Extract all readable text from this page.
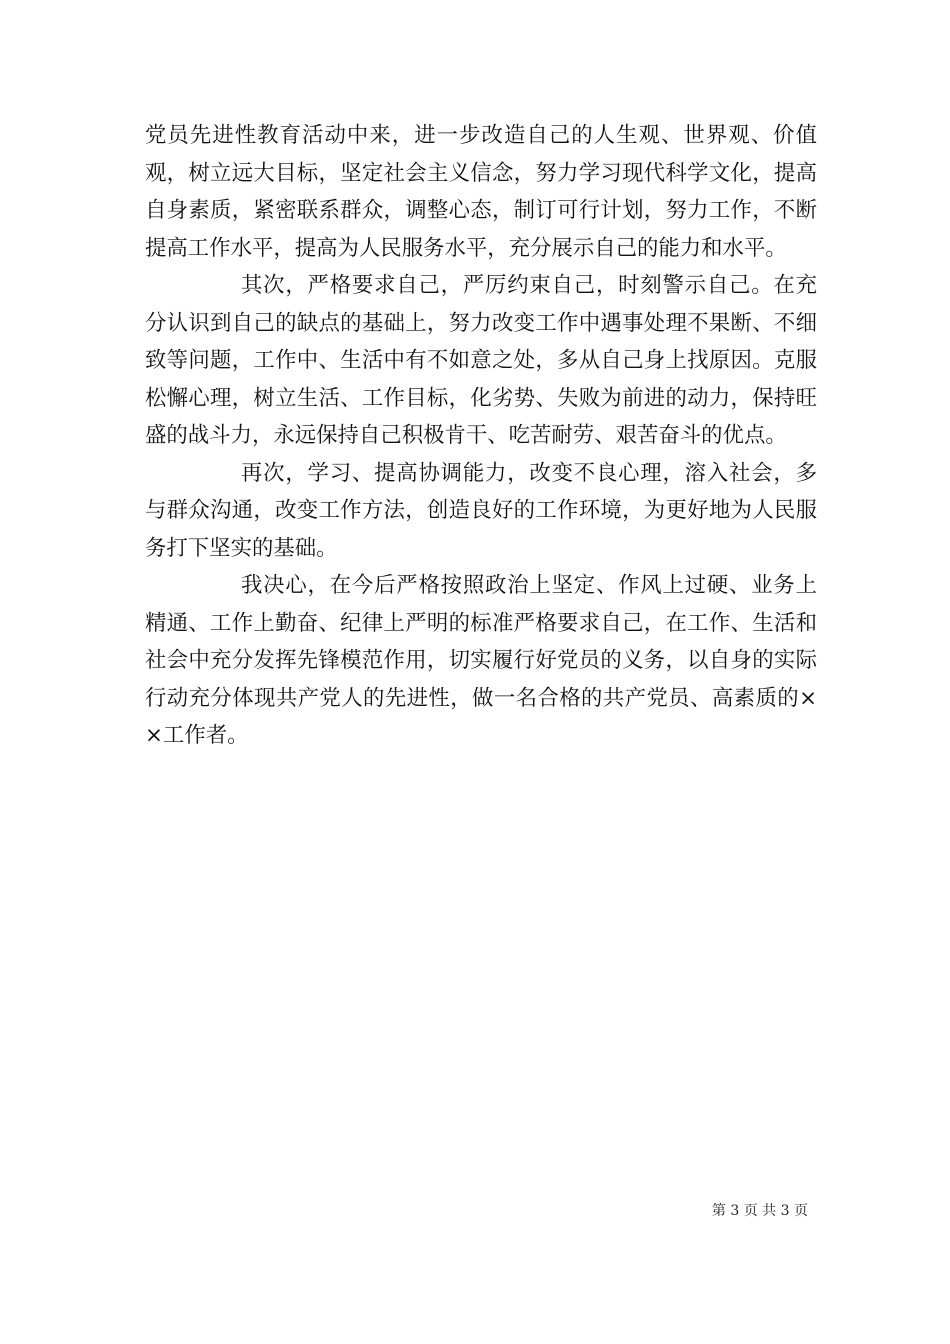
党员先进性教育活动中来，进一步改造自己的人生观、世界观、价值观，树立远大目标，坚定社会主义信念，努力学习现代科学文化，提高自身素质，紧密联系群众，调整心态，制订可行计划，努力工作，不断提高工作水平，提高为人民服务水平，充分展示自己的能力和水平。

其次，严格要求自己，严厉约束自己，时刻警示自己。在充分认识到自己的缺点的基础上，努力改变工作中遇事处理不果断、不细致等问题，工作中、生活中有不如意之处，多从自己身上找原因。克服松懈心理，树立生活、工作目标，化劣势、失败为前进的动力，保持旺盛的战斗力，永远保持自己积极肯干、吃苦耐劳、艰苦奋斗的优点。

再次，学习、提高协调能力，改变不良心理，溶入社会，多与群众沟通，改变工作方法，创造良好的工作环境，为更好地为人民服务打下坚实的基础。

我决心，在今后严格按照政治上坚定、作风上过硬、业务上精通、工作上勤奋、纪律上严明的标准严格要求自己，在工作、生活和社会中充分发挥先锋模范作用，切实履行好党员的义务，以自身的实际行动充分体现共产党人的先进性，做一名合格的共产党员、高素质的××工作者。

第 3 页 共 3 页
